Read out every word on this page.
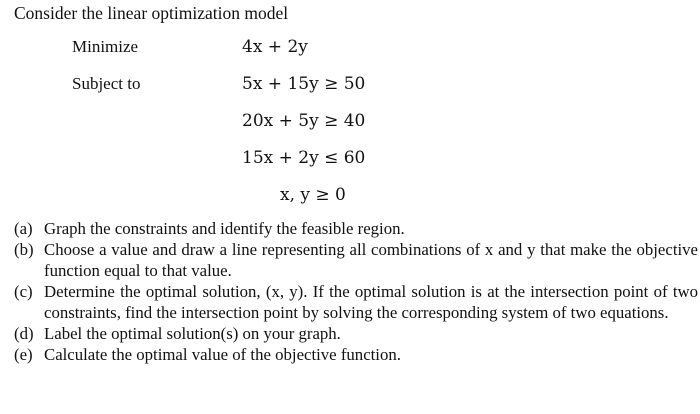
Consider the linear optimization model
Minimize	4x + 2y
Subject to	5x + 15y ≥ 50
20x + 5y ≥ 40
15x + 2y ≤ 60
x, y ≥ 0
(a) Graph the constraints and identify the feasible region.
(b) Choose a value and draw a line representing all combinations of x and y that make the objective function equal to that value.
(c) Determine the optimal solution, (x, y). If the optimal solution is at the intersection point of two constraints, find the intersection point by solving the corresponding system of two equations.
(d) Label the optimal solution(s) on your graph.
(e) Calculate the optimal value of the objective function.
